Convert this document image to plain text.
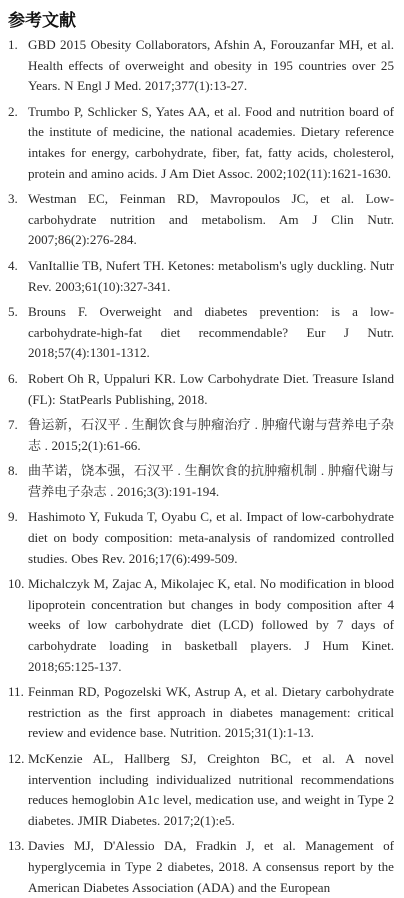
参考文献
1. GBD 2015 Obesity Collaborators, Afshin A, Forouzanfar MH, et al. Health effects of overweight and obesity in 195 countries over 25 Years. N Engl J Med. 2017;377(1):13-27.
2. Trumbo P, Schlicker S, Yates AA, et al. Food and nutrition board of the institute of medicine, the national academies. Dietary reference intakes for energy, carbohydrate, fiber, fat, fatty acids, cholesterol, protein and amino acids. J Am Diet Assoc. 2002;102(11):1621-1630.
3. Westman EC, Feinman RD, Mavropoulos JC, et al. Low-carbohydrate nutrition and metabolism. Am J Clin Nutr. 2007;86(2):276-284.
4. VanItallie TB, Nufert TH. Ketones: metabolism's ugly duckling. Nutr Rev. 2003;61(10):327-341.
5. Brouns F. Overweight and diabetes prevention: is a low-carbohydrate-high-fat diet recommendable? Eur J Nutr. 2018;57(4):1301-1312.
6. Robert Oh R, Uppaluri KR. Low Carbohydrate Diet. Treasure Island (FL): StatPearls Publishing, 2018.
7. 鲁运新，石汉平 . 生酮饮食与肿瘤治疗 . 肿瘤代谢与营养电子杂志 . 2015;2(1):61-66.
8. 曲芊诺，饶本强，石汉平 . 生酮饮食的抗肿瘤机制 . 肿瘤代谢与营养电子杂志 . 2016;3(3):191-194.
9. Hashimoto Y, Fukuda T, Oyabu C, et al. Impact of low-carbohydrate diet on body composition: meta-analysis of randomized controlled studies. Obes Rev. 2016;17(6):499-509.
10. Michalczyk M, Zajac A, Mikolajec K, etal. No modification in blood lipoprotein concentration but changes in body composition after 4 weeks of low carbohydrate diet (LCD) followed by 7 days of carbohydrate loading in basketball players. J Hum Kinet. 2018;65:125-137.
11. Feinman RD, Pogozelski WK, Astrup A, et al. Dietary carbohydrate restriction as the first approach in diabetes management: critical review and evidence base. Nutrition. 2015;31(1):1-13.
12. McKenzie AL, Hallberg SJ, Creighton BC, et al. A novel intervention including individualized nutritional recommendations reduces hemoglobin A1c level, medication use, and weight in Type 2 diabetes. JMIR Diabetes. 2017;2(1):e5.
13. Davies MJ, D'Alessio DA, Fradkin J, et al. Management of hyperglycemia in Type 2 diabetes, 2018. A consensus report by the American Diabetes Association (ADA) and the European
